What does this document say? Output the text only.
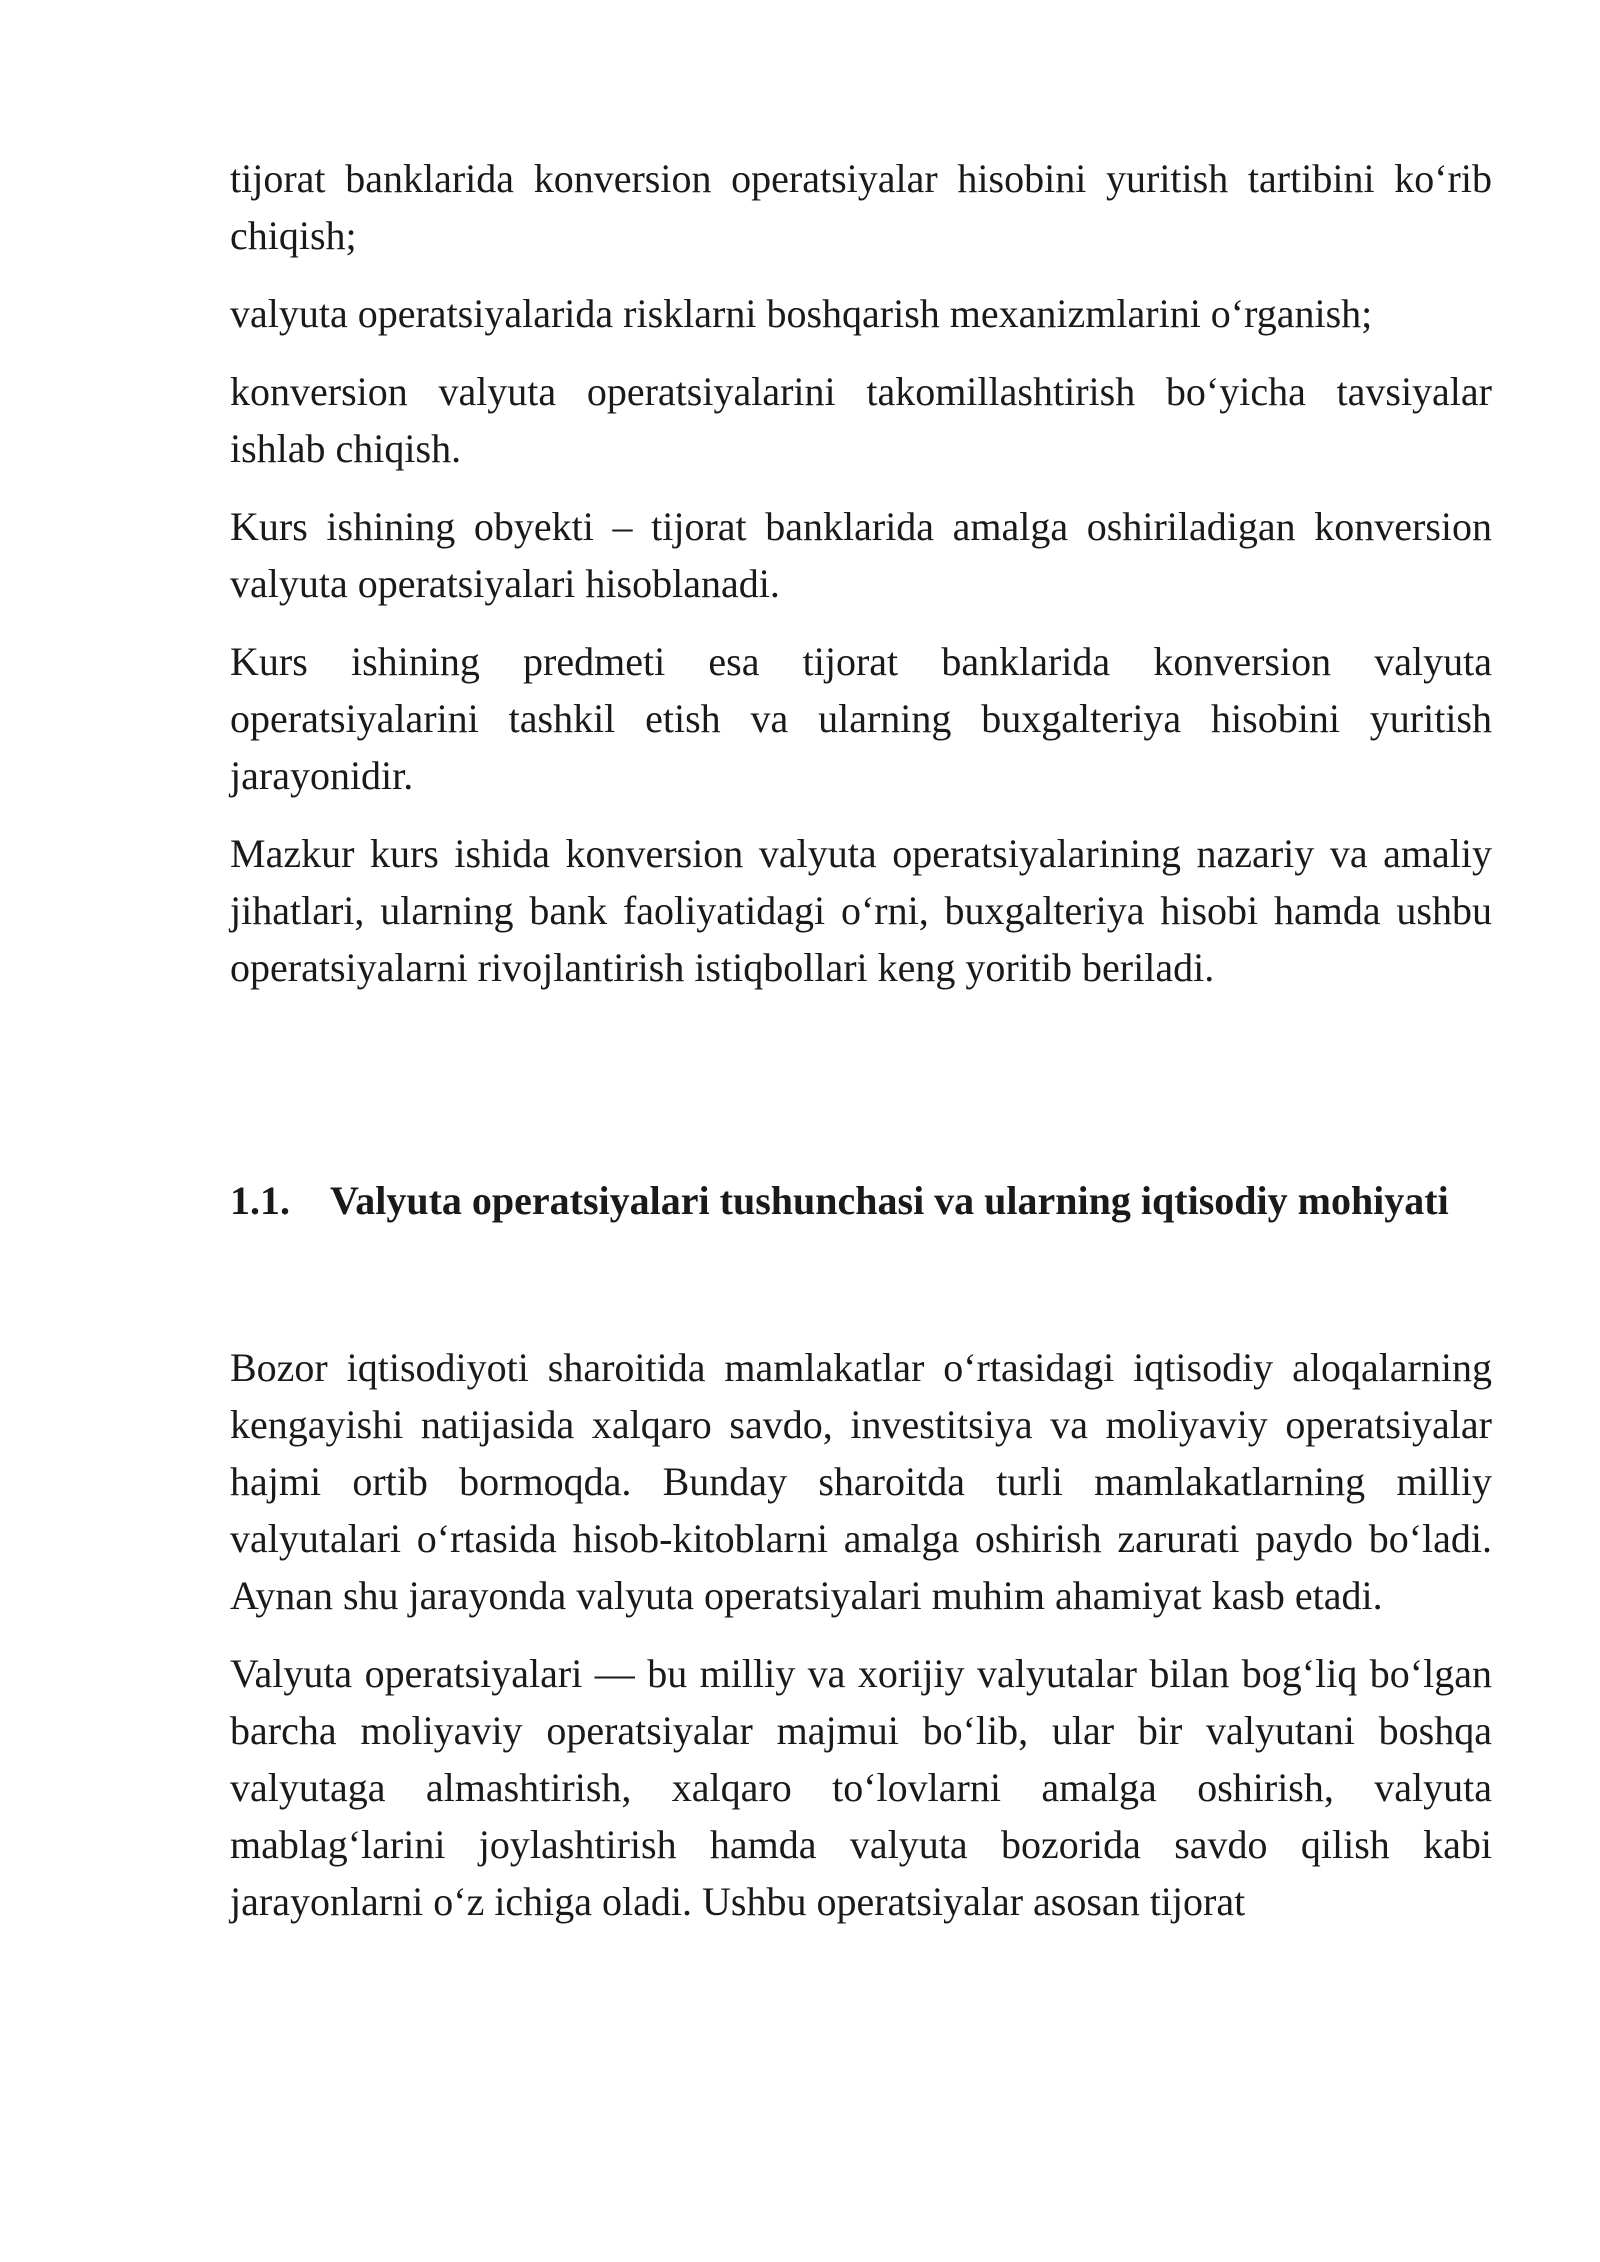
tijorat banklarida konversion operatsiyalar hisobini yuritish tartibini ko‘rib chiqish;

valyuta operatsiyalarida risklarni boshqarish mexanizmlarini o‘rganish;

konversion valyuta operatsiyalarini takomillashtirish bo‘yicha tavsiyalar ishlab chiqish.

Kurs ishining obyekti – tijorat banklarida amalga oshiriladigan konversion valyuta operatsiyalari hisoblanadi.

Kurs ishining predmeti esa tijorat banklarida konversion valyuta operatsiyalarini tashkil etish va ularning buxgalteriya hisobini yuritish jarayonidir.

Mazkur kurs ishida konversion valyuta operatsiyalarining nazariy va amaliy jihatlari, ularning bank faoliyatidagi o‘rni, buxgalteriya hisobi hamda ushbu operatsiyalarni rivojlantirish istiqbollari keng yoritib beriladi.

1.1.	Valyuta operatsiyalari tushunchasi va ularning iqtisodiy mohiyati

Bozor iqtisodiyoti sharoitida mamlakatlar o‘rtasidagi iqtisodiy aloqalarning kengayishi natijasida xalqaro savdo, investitsiya va moliyaviy operatsiyalar hajmi ortib bormoqda. Bunday sharoitda turli mamlakatlarning milliy valyutalari o‘rtasida hisob-kitoblarni amalga oshirish zarurati paydo bo‘ladi. Aynan shu jarayonda valyuta operatsiyalari muhim ahamiyat kasb etadi.

Valyuta operatsiyalari — bu milliy va xorijiy valyutalar bilan bog‘liq bo‘lgan barcha moliyaviy operatsiyalar majmui bo‘lib, ular bir valyutani boshqa valyutaga almashtirish, xalqaro to‘lovlarni amalga oshirish, valyuta mablag‘larini joylashtirish hamda valyuta bozorida savdo qilish kabi jarayonlarni o‘z ichiga oladi. Ushbu operatsiyalar asosan tijorat
